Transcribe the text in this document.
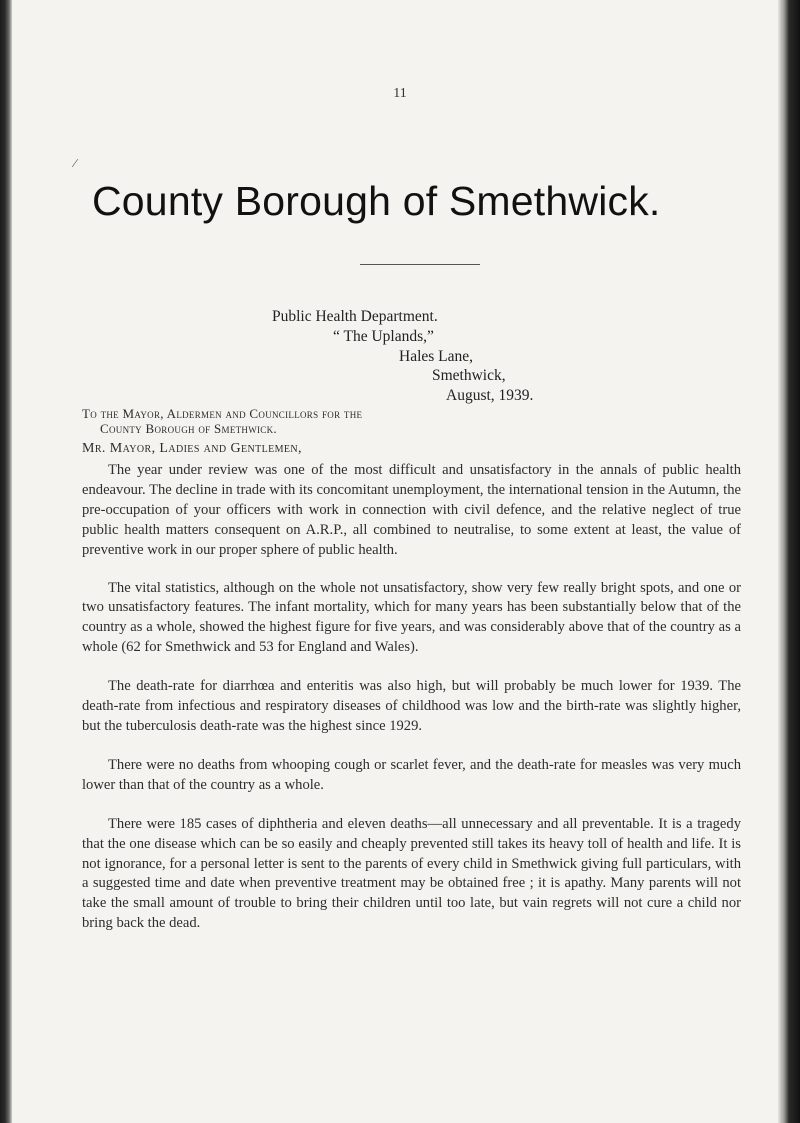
11
∕
County Borough of Smethwick.
Public Health Department.
“ The Uplands,”
Hales Lane,
Smethwick,
August, 1939.
To the Mayor, Aldermen and Councillors for the
County Borough of Smethwick.
Mr. Mayor, Ladies and Gentlemen,

The year under review was one of the most difficult and unsatisfactory in the annals of public health endeavour. The decline in trade with its concomitant unemployment, the international tension in the Autumn, the pre-occupation of your officers with work in connection with civil defence, and the relative neglect of true public health matters consequent on A.R.P., all combined to neutralise, to some extent at least, the value of preventive work in our proper sphere of public health.

The vital statistics, although on the whole not unsatisfactory, show very few really bright spots, and one or two unsatisfactory features. The infant mortality, which for many years has been substantially below that of the country as a whole, showed the highest figure for five years, and was considerably above that of the country as a whole (62 for Smethwick and 53 for England and Wales).

The death-rate for diarrhœa and enteritis was also high, but will probably be much lower for 1939. The death-rate from infectious and respiratory diseases of childhood was low and the birth-rate was slightly higher, but the tuberculosis death-rate was the highest since 1929.

There were no deaths from whooping cough or scarlet fever, and the death-rate for measles was very much lower than that of the country as a whole.

There were 185 cases of diphtheria and eleven deaths—all unnecessary and all preventable. It is a tragedy that the one disease which can be so easily and cheaply prevented still takes its heavy toll of health and life. It is not ignorance, for a personal letter is sent to the parents of every child in Smethwick giving full particulars, with a suggested time and date when preventive treatment may be obtained free ; it is apathy. Many parents will not take the small amount of trouble to bring their children until too late, but vain regrets will not cure a child nor bring back the dead.
